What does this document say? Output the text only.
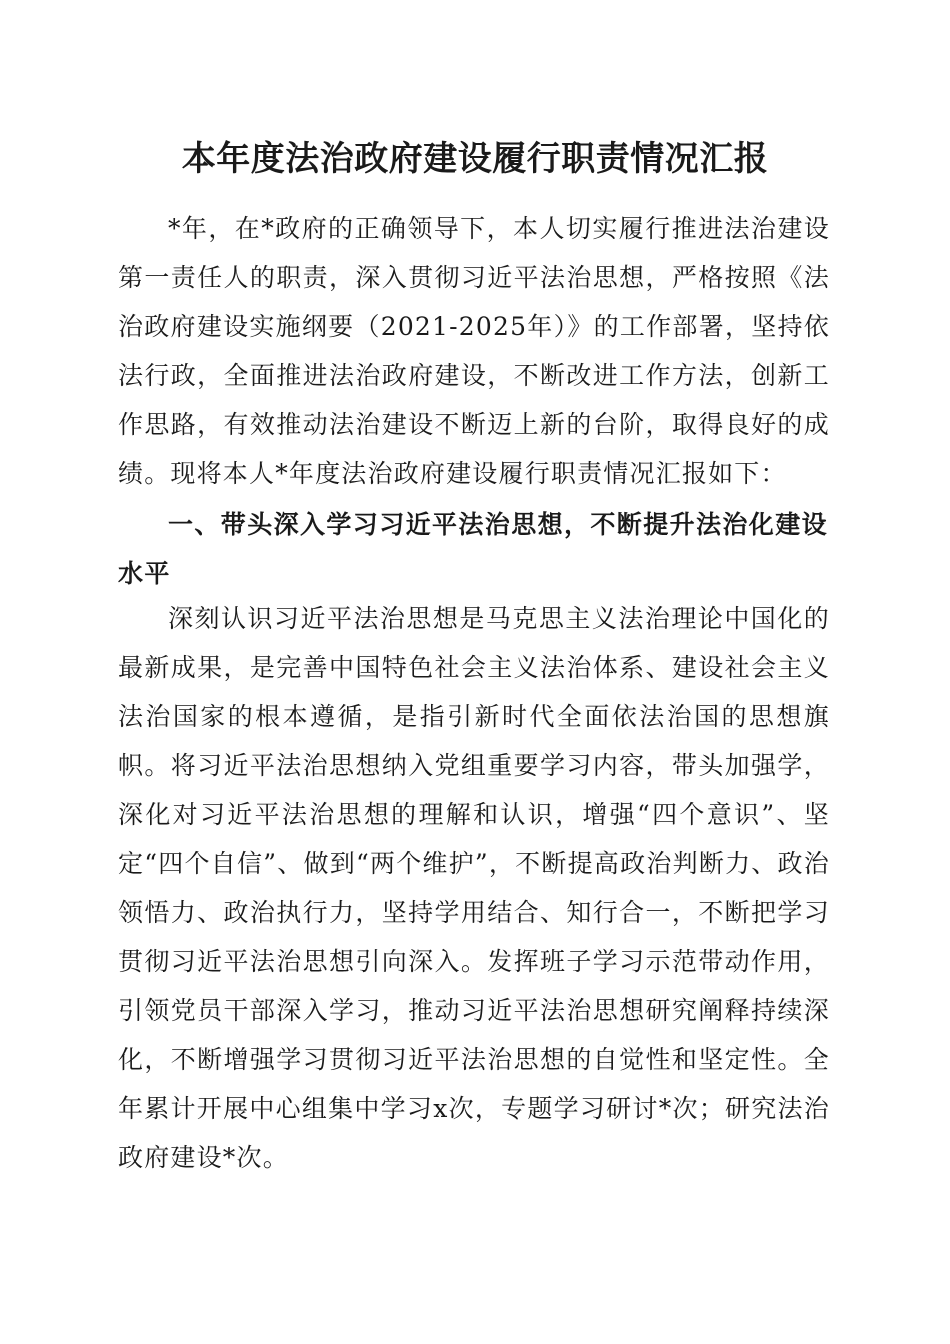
本年度法治政府建设履行职责情况汇报

*年，在*政府的正确领导下，本人切实履行推进法治建设第一责任人的职责，深入贯彻习近平法治思想，严格按照《法治政府建设实施纲要（2021-2025年）》的工作部署，坚持依法行政，全面推进法治政府建设，不断改进工作方法，创新工作思路，有效推动法治建设不断迈上新的台阶，取得良好的成绩。现将本人*年度法治政府建设履行职责情况汇报如下：

一、带头深入学习习近平法治思想，不断提升法治化建设水平

深刻认识习近平法治思想是马克思主义法治理论中国化的最新成果，是完善中国特色社会主义法治体系、建设社会主义法治国家的根本遵循，是指引新时代全面依法治国的思想旗帜。将习近平法治思想纳入党组重要学习内容，带头加强学，深化对习近平法治思想的理解和认识，增强“四个意识”、坚定“四个自信”、做到“两个维护”，不断提高政治判断力、政治领悟力、政治执行力，坚持学用结合、知行合一，不断把学习贯彻习近平法治思想引向深入。发挥班子学习示范带动作用，引领党员干部深入学习，推动习近平法治思想研究阐释持续深化，不断增强学习贯彻习近平法治思想的自觉性和坚定性。全年累计开展中心组集中学习x次，专题学习研讨*次；研究法治政府建设*次。
